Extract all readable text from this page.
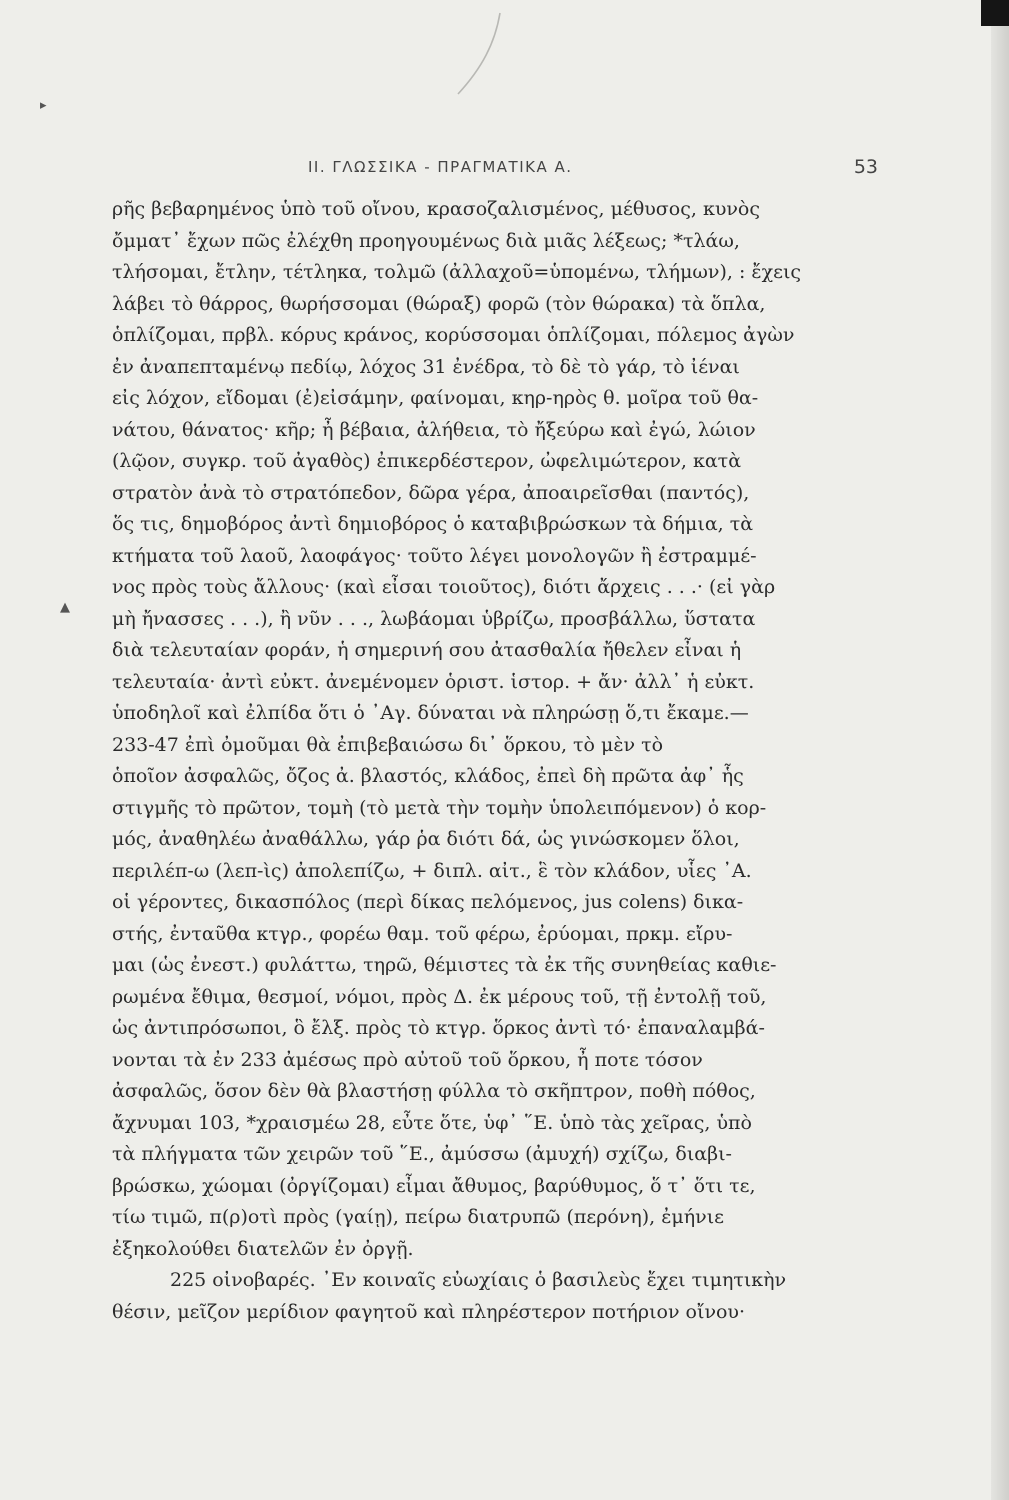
▸
▲
II. ΓΛΩΣΣΙΚΑ - ΠΡΑΓΜΑΤΙΚΑ Α.	53
ρῆς βεβαρημένος ὑπὸ τοῦ οἴνου, κρασοζαλισμένος, μέθυσος, κυνὸς
ὄμματ᾽ ἔχων πῶς ἐλέχθη προηγουμένως διὰ μιᾶς λέξεως; *τλάω,
τλήσομαι, ἔτλην, τέτληκα, τολμῶ (ἀλλαχοῦ=ὑπομένω, τλήμων), : ἔχεις
λάβει τὸ θάρρος, θωρήσσομαι (θώραξ) φορῶ (τὸν θώρακα) τὰ ὅπλα,
ὁπλίζομαι, πρβλ. κόρυς κράνος, κορύσσομαι ὁπλίζομαι, πόλεμος ἀγὼν
ἐν ἀναπεπταμένῳ πεδίῳ, λόχος 31 ἐνέδρα, τὸ δὲ τὸ γάρ, τὸ ἰέναι
εἰς λόχον, εἴδομαι (ἐ)εἰσάμην, φαίνομαι, κηρ-ηρὸς θ. μοῖρα τοῦ θα-
νάτου, θάνατος· κῆρ; ἦ βέβαια, ἀλήθεια, τὸ ἤξεύρω καὶ ἐγώ, λώιον
(λῷον, συγκρ. τοῦ ἀγαθὸς) ἐπικερδέστερον, ὠφελιμώτερον, κατὰ
στρατὸν ἀνὰ τὸ στρατόπεδον, δῶρα γέρα, ἀποαιρεῖσθαι (παντός),
ὅς τις, δημοβόρος ἀντὶ δημιοβόρος ὁ καταβιβρώσκων τὰ δήμια, τὰ
κτήματα τοῦ λαοῦ, λαοφάγος· τοῦτο λέγει μονολογῶν ἢ ἐστραμμέ-
νος πρὸς τοὺς ἄλλους· (καὶ εἶσαι τοιοῦτος), διότι ἄρχεις . . .· (εἰ γὰρ
μὴ ἤνασσες . . .), ἢ νῦν . . ., λωβάομαι ὑβρίζω, προσβάλλω, ὕστατα
διὰ τελευταίαν φοράν, ἡ σημερινή σου ἀτασθαλία ἤθελεν εἶναι ἡ
τελευταία· ἀντὶ εὐκτ. ἀνεμένομεν ὁριστ. ἱστορ. + ἄν· ἀλλ᾽ ἡ εὐκτ.
ὑποδηλοῖ καὶ ἐλπίδα ὅτι ὁ ᾿Αγ. δύναται νὰ πληρώσῃ ὅ,τι ἔκαμε.—
233-47 ἐπὶ ὀμοῦμαι θὰ ἐπιβεβαιώσω δι᾽ ὅρκου, τὸ μὲν τὸ
ὁποῖον ἀσφαλῶς, ὄζος ἀ. βλαστός, κλάδος, ἐπεὶ δὴ πρῶτα ἀφ᾽ ἧς
στιγμῆς τὸ πρῶτον, τομὴ (τὸ μετὰ τὴν τομὴν ὑπολειπόμενον) ὁ κορ-
μός, ἀναθηλέω ἀναθάλλω, γάρ ῥα διότι δά, ὡς γινώσκομεν ὅλοι,
περιλέπ-ω (λεπ-ὶς) ἀπολεπίζω, + διπλ. αἰτ., ἓ τὸν κλάδον, υἷες ᾿Α.
οἱ γέροντες, δικασπόλος (περὶ δίκας πελόμενος, jus colens) δικα-
στής, ἐνταῦθα κτγρ., φορέω θαμ. τοῦ φέρω, ἐρύομαι, πρκμ. εἴρυ-
μαι (ὡς ἐνεστ.) φυλάττω, τηρῶ, θέμιστες τὰ ἐκ τῆς συνηθείας καθιε-
ρωμένα ἔθιμα, θεσμοί, νόμοι, πρὸς Δ. ἐκ μέρους τοῦ, τῇ ἐντολῇ τοῦ,
ὡς ἀντιπρόσωποι, ὃ ἔλξ. πρὸς τὸ κτγρ. ὅρκος ἀντὶ τό· ἐπαναλαμβά-
νονται τὰ ἐν 233 ἀμέσως πρὸ αὐτοῦ τοῦ ὅρκου, ἦ ποτε τόσον
ἀσφαλῶς, ὅσον δὲν θὰ βλαστήσῃ φύλλα τὸ σκῆπτρον, ποθὴ πόθος,
ἄχνυμαι 103, *χραισμέω 28, εὖτε ὅτε, ὑφ᾽ ῞Ε. ὑπὸ τὰς χεῖρας, ὑπὸ
τὰ πλήγματα τῶν χειρῶν τοῦ ῞Ε., ἀμύσσω (ἀμυχή) σχίζω, διαβι-
βρώσκω, χώομαι (ὀργίζομαι) εἶμαι ἄθυμος, βαρύθυμος, ὅ τ᾽ ὅτι τε,
τίω τιμῶ, π(ρ)οτὶ πρὸς (γαίῃ), πείρω διατρυπῶ (περόνη), ἐμήνιε
ἐξηκολούθει διατελῶν ἐν ὀργῇ.
225 οἰνοβαρές. ᾿Εν κοιναῖς εὐωχίαις ὁ βασιλεὺς ἔχει τιμητικὴν
θέσιν, μεῖζον μερίδιον φαγητοῦ καὶ πληρέστερον ποτήριον οἴνου·
